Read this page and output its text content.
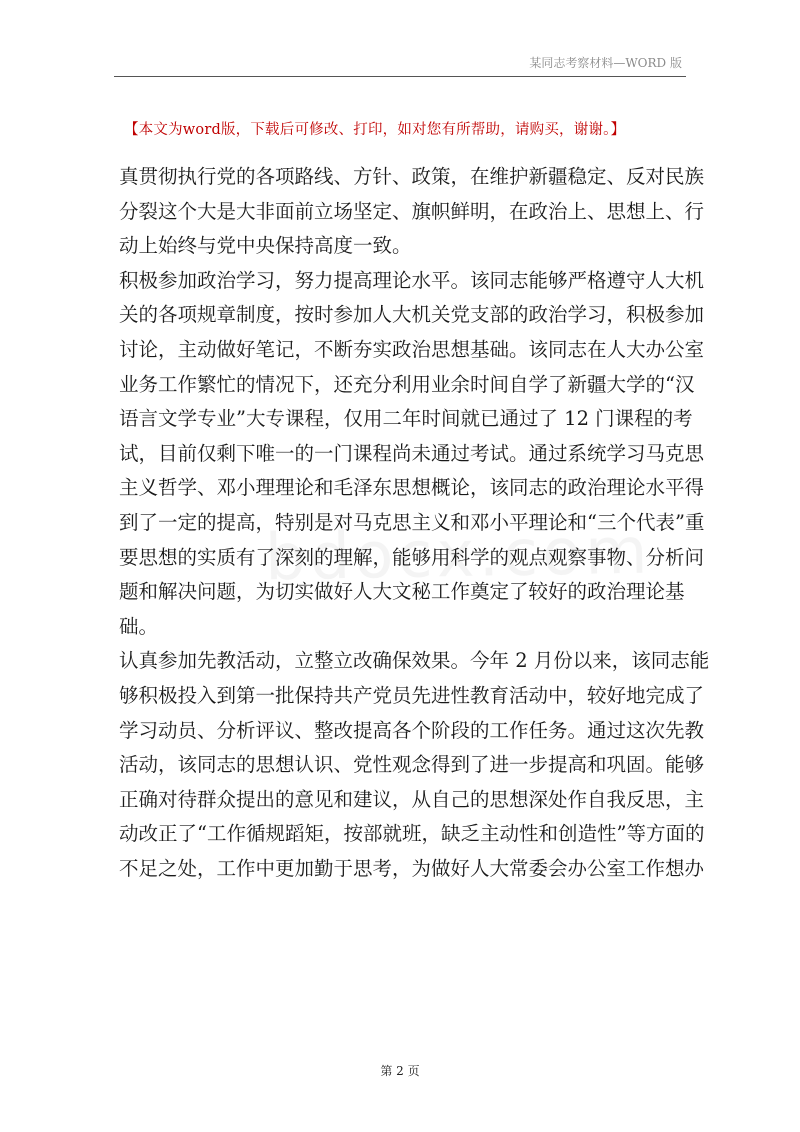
某同志考察材料—WORD 版
【本文为word版，下载后可修改、打印，如对您有所帮助，请购买，谢谢。】
真贯彻执行党的各项路线、方针、政策，在维护新疆稳定、反对民族
分裂这个大是大非面前立场坚定、旗帜鲜明，在政治上、思想上、行
动上始终与党中央保持高度一致。
积极参加政治学习，努力提高理论水平。该同志能够严格遵守人大机
关的各项规章制度，按时参加人大机关党支部的政治学习，积极参加
讨论，主动做好笔记，不断夯实政治思想基础。该同志在人大办公室
业务工作繁忙的情况下，还充分利用业余时间自学了新疆大学的“汉
语言文学专业”大专课程，仅用二年时间就已通过了 12 门课程的考
试，目前仅剩下唯一的一门课程尚未通过考试。通过系统学习马克思
主义哲学、邓小理理论和毛泽东思想概论，该同志的政治理论水平得
到了一定的提高，特别是对马克思主义和邓小平理论和“三个代表”重
要思想的实质有了深刻的理解，能够用科学的观点观察事物、分析问
题和解决问题，为切实做好人大文秘工作奠定了较好的政治理论基
础。
认真参加先教活动，立整立改确保效果。今年 2 月份以来，该同志能
够积极投入到第一批保持共产党员先进性教育活动中，较好地完成了
学习动员、分析评议、整改提高各个阶段的工作任务。通过这次先教
活动，该同志的思想认识、党性观念得到了进一步提高和巩固。能够
正确对待群众提出的意见和建议，从自己的思想深处作自我反思，主
动改正了“工作循规蹈矩，按部就班，缺乏主动性和创造性”等方面的
不足之处，工作中更加勤于思考，为做好人大常委会办公室工作想办
第 2 页
